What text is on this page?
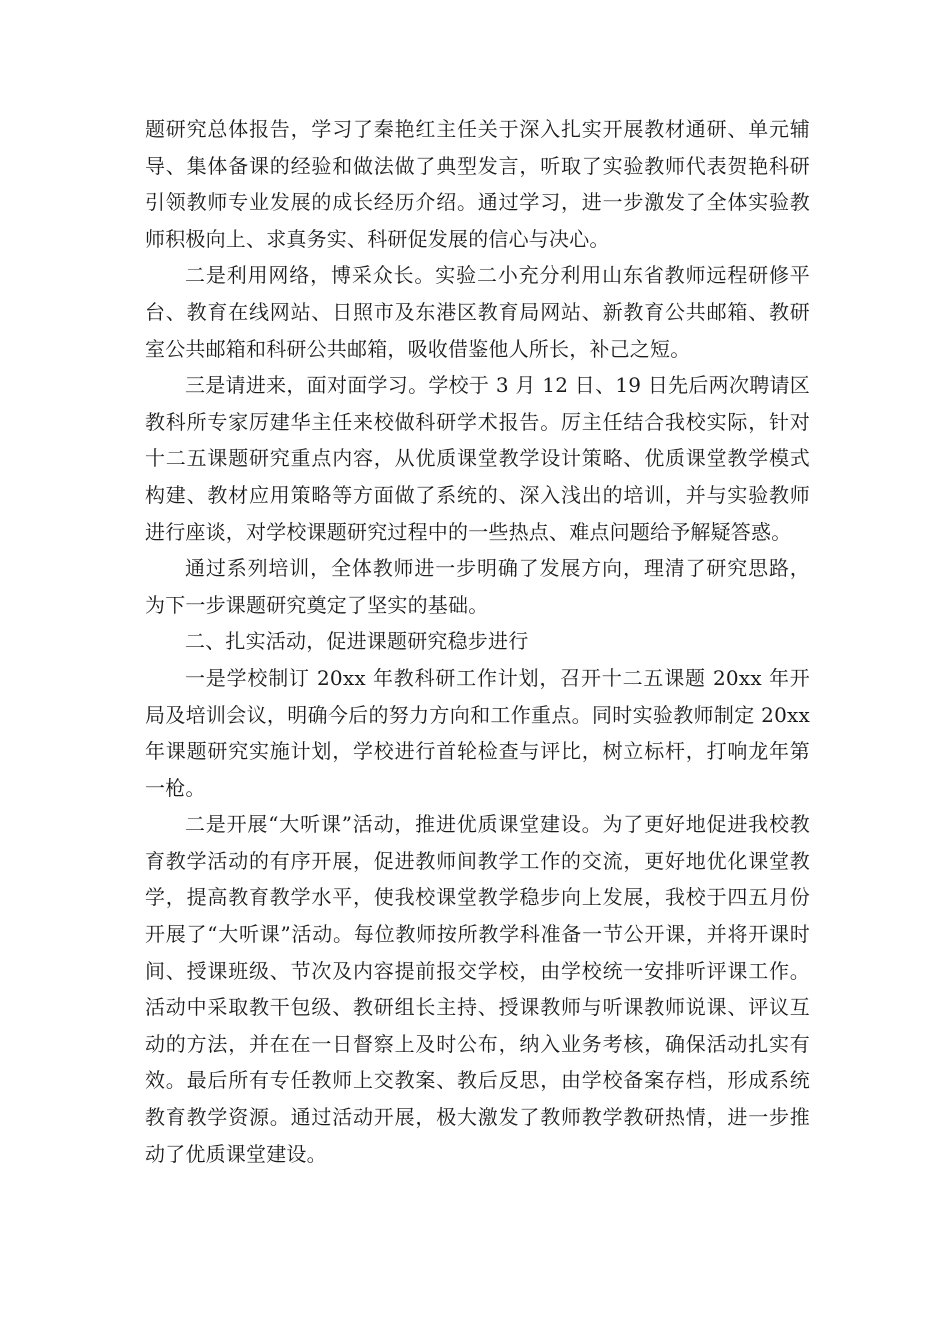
题研究总体报告，学习了秦艳红主任关于深入扎实开展教材通研、单元辅导、集体备课的经验和做法做了典型发言，听取了实验教师代表贺艳科研引领教师专业发展的成长经历介绍。通过学习，进一步激发了全体实验教师积极向上、求真务实、科研促发展的信心与决心。

二是利用网络，博采众长。实验二小充分利用山东省教师远程研修平台、教育在线网站、日照市及东港区教育局网站、新教育公共邮箱、教研室公共邮箱和科研公共邮箱，吸收借鉴他人所长，补己之短。

三是请进来，面对面学习。学校于 3 月 12 日、19 日先后两次聘请区教科所专家厉建华主任来校做科研学术报告。厉主任结合我校实际，针对十二五课题研究重点内容，从优质课堂教学设计策略、优质课堂教学模式构建、教材应用策略等方面做了系统的、深入浅出的培训，并与实验教师进行座谈，对学校课题研究过程中的一些热点、难点问题给予解疑答惑。

通过系列培训，全体教师进一步明确了发展方向，理清了研究思路，为下一步课题研究奠定了坚实的基础。

二、扎实活动，促进课题研究稳步进行

一是学校制订 20xx 年教科研工作计划，召开十二五课题 20xx 年开局及培训会议，明确今后的努力方向和工作重点。同时实验教师制定 20xx 年课题研究实施计划，学校进行首轮检查与评比，树立标杆，打响龙年第一枪。

二是开展“大听课”活动，推进优质课堂建设。为了更好地促进我校教育教学活动的有序开展，促进教师间教学工作的交流，更好地优化课堂教学，提高教育教学水平，使我校课堂教学稳步向上发展，我校于四五月份开展了“大听课”活动。每位教师按所教学科准备一节公开课，并将开课时间、授课班级、节次及内容提前报交学校，由学校统一安排听评课工作。活动中采取教干包级、教研组长主持、授课教师与听课教师说课、评议互动的方法，并在在一日督察上及时公布，纳入业务考核，确保活动扎实有效。最后所有专任教师上交教案、教后反思，由学校备案存档，形成系统教育教学资源。通过活动开展，极大激发了教师教学教研热情，进一步推动了优质课堂建设。
